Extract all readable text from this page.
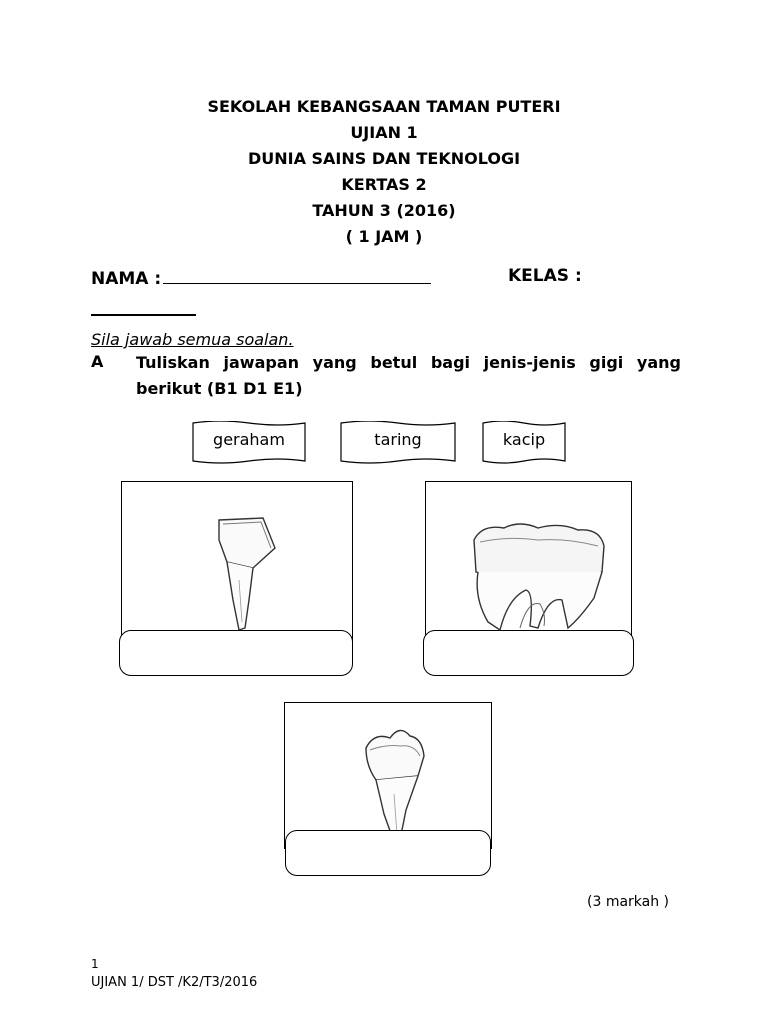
SEKOLAH KEBANGSAAN TAMAN PUTERI
UJIAN 1
DUNIA SAINS DAN TEKNOLOGI
KERTAS 2
TAHUN 3 (2016)
( 1 JAM )
NAMA :	KELAS :
Sila jawab semua soalan.
A Tuliskan jawapan yang betul bagi jenis-jenis gigi yang
berikut (B1 D1 E1)
geraham	taring	kacip
(3 markah )
1
UJIAN 1/ DST /K2/T3/2016
